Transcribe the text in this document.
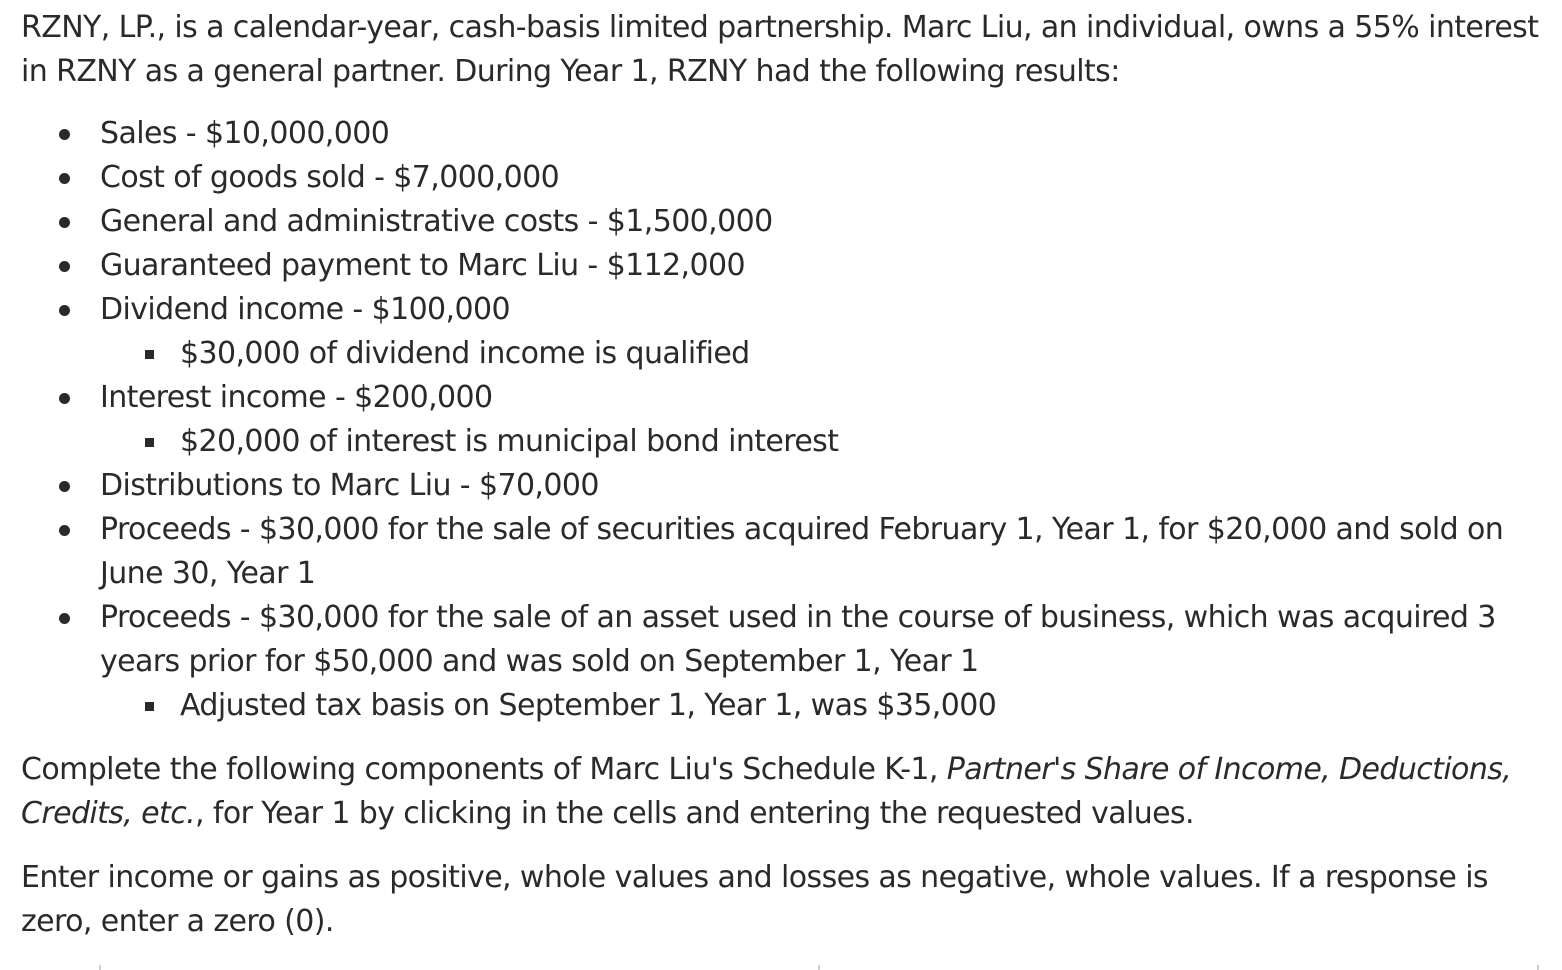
RZNY, LP., is a calendar-year, cash-basis limited partnership. Marc Liu, an individual, owns a 55% interest in RZNY as a general partner. During Year 1, RZNY had the following results:

Sales - $10,000,000
Cost of goods sold - $7,000,000
General and administrative costs - $1,500,000
Guaranteed payment to Marc Liu - $112,000
Dividend income - $100,000
$30,000 of dividend income is qualified
Interest income - $200,000
$20,000 of interest is municipal bond interest
Distributions to Marc Liu - $70,000
Proceeds - $30,000 for the sale of securities acquired February 1, Year 1, for $20,000 and sold on June 30, Year 1
Proceeds - $30,000 for the sale of an asset used in the course of business, which was acquired 3 years prior for $50,000 and was sold on September 1, Year 1
Adjusted tax basis on September 1, Year 1, was $35,000

Complete the following components of Marc Liu's Schedule K-1, Partner's Share of Income, Deductions, Credits, etc., for Year 1 by clicking in the cells and entering the requested values.

Enter income or gains as positive, whole values and losses as negative, whole values. If a response is zero, enter a zero (0).
